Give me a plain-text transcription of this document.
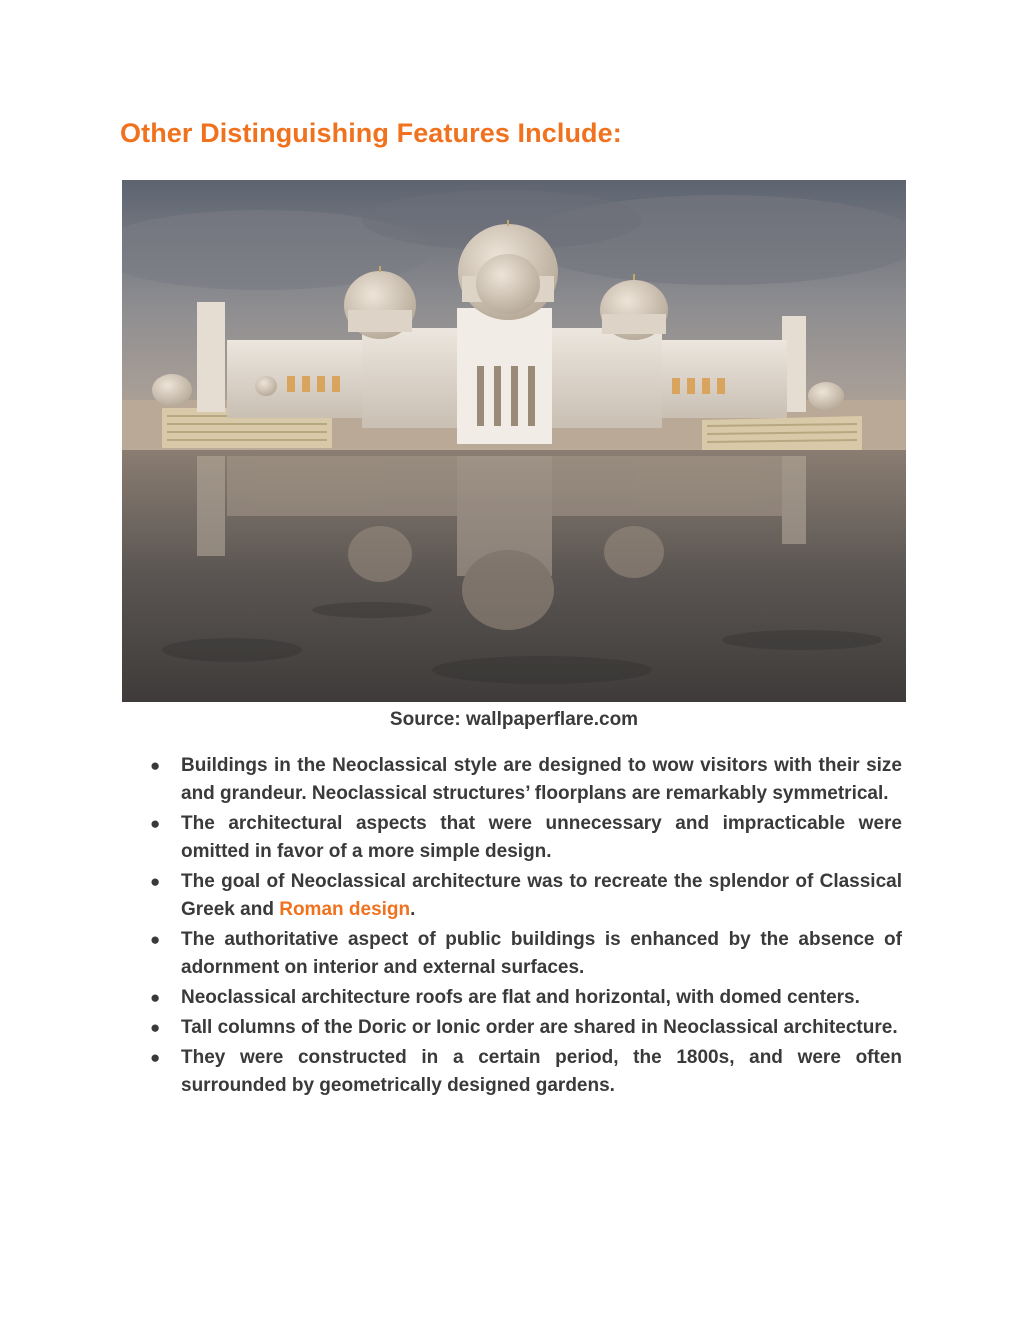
Other Distinguishing Features Include:
Source: wallpaperflare.com
● Buildings in the Neoclassical style are designed to wow visitors with their size and grandeur. Neoclassical structures’ floorplans are remarkably symmetrical.
● The architectural aspects that were unnecessary and impracticable were omitted in favor of a more simple design.
● The goal of Neoclassical architecture was to recreate the splendor of Classical Greek and Roman design.
● The authoritative aspect of public buildings is enhanced by the absence of adornment on interior and external surfaces.
● Neoclassical architecture roofs are flat and horizontal, with domed centers.
● Tall columns of the Doric or Ionic order are shared in Neoclassical architecture.
● They were constructed in a certain period, the 1800s, and were often surrounded by geometrically designed gardens.
